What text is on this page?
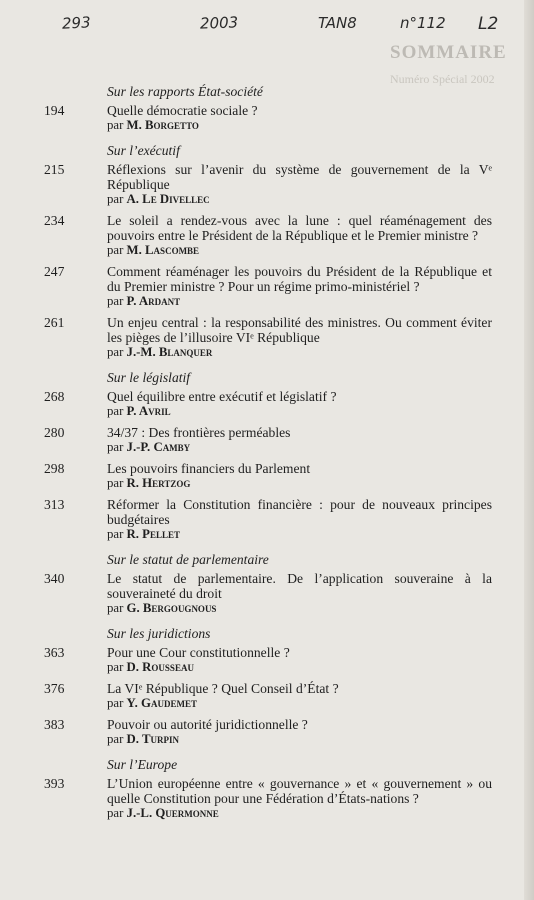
SOMMAIRE
Numéro Spécial 2002
293	2003	TAN8	n°112 L2
Sur les rapports État-société
194	Quelle démocratie sociale ?
par M. Borgetto
Sur l’exécutif
215	Réflexions sur l’avenir du système de gouvernement de la Vᵉ République
par A. Le Divellec
234	Le soleil a rendez-vous avec la lune : quel réaménagement des pouvoirs entre le Président de la République et le Premier ministre ?
par M. Lascombe
247	Comment réaménager les pouvoirs du Président de la République et du Premier ministre ? Pour un régime primo-ministériel ?
par P. Ardant
261	Un enjeu central : la responsabilité des ministres. Ou comment éviter les pièges de l’illusoire VIᵉ République
par J.-M. Blanquer
Sur le législatif
268	Quel équilibre entre exécutif et législatif ?
par P. Avril
280	34/37 : Des frontières perméables
par J.-P. Camby
298	Les pouvoirs financiers du Parlement
par R. Hertzog
313	Réformer la Constitution financière : pour de nouveaux principes budgétaires
par R. Pellet
Sur le statut de parlementaire
340	Le statut de parlementaire. De l’application souveraine à la souveraineté du droit
par G. Bergougnous
Sur les juridictions
363	Pour une Cour constitutionnelle ?
par D. Rousseau
376	La VIᵉ République ? Quel Conseil d’État ?
par Y. Gaudemet
383	Pouvoir ou autorité juridictionnelle ?
par D. Turpin
Sur l’Europe
393	L’Union européenne entre « gouvernance » et « gouvernement » ou quelle Constitution pour une Fédération d’États-nations ?
par J.-L. Quermonne
